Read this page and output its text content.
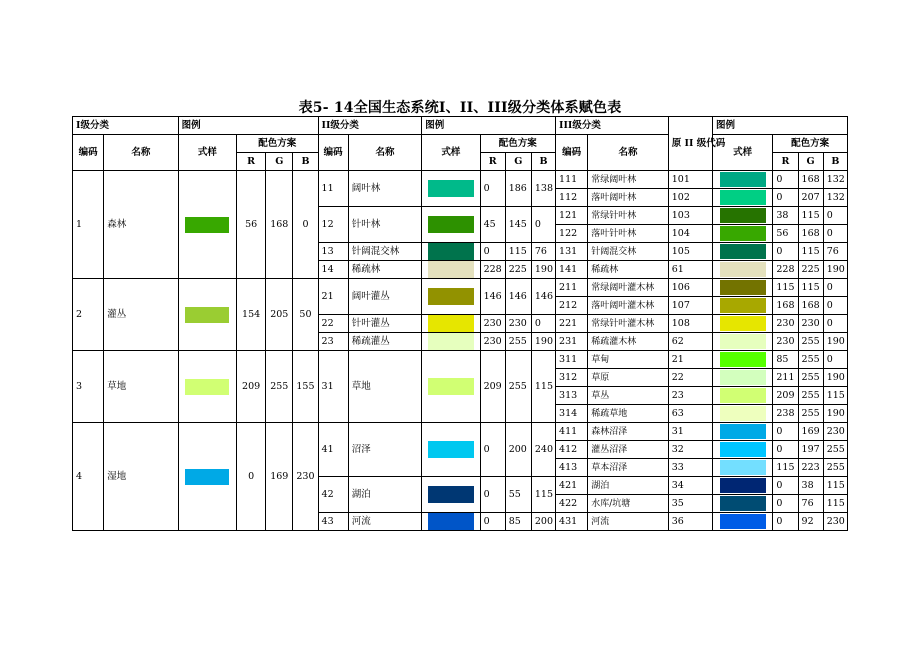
表5- 14全国生态系统Ⅰ、II、III级分类体系赋色表
I级分类		图例				II级分类		图例				III级分类		原 II 级代码	图例			
编码	名称	式样	配色方案			编码	名称	式样	配色方案			编码	名称		式样	配色方案		
			R	G	B				R	G	B					R	G	B
1	森林		56	168	0	11	阔叶林		0	186	138	111	常绿阔叶林	101		0	168	132
												112	落叶阔叶林	102		0	207	132
						12	针叶林		45	145	0	121	常绿针叶林	103		38	115	0
												122	落叶针叶林	104		56	168	0
						13	针阔混交林		0	115	76	131	针阔混交林	105		0	115	76
						14	稀疏林		228	225	190	141	稀疏林	61		228	225	190
2	灌丛		154	205	50	21	阔叶灌丛		146	146	146	211	常绿阔叶灌木林	106		115	115	0
												212	落叶阔叶灌木林	107		168	168	0
						22	针叶灌丛		230	230	0	221	常绿针叶灌木林	108		230	230	0
						23	稀疏灌丛		230	255	190	231	稀疏灌木林	62		230	255	190
3	草地		209	255	155	31	草地		209	255	115	311	草甸	21		85	255	0
												312	草原	22		211	255	190
												313	草丛	23		209	255	115
												314	稀疏草地	63		238	255	190
4	湿地		0	169	230	41	沼泽		0	200	240	411	森林沼泽	31		0	169	230
												412	灌丛沼泽	32		0	197	255
												413	草本沼泽	33		115	223	255
						42	湖泊		0	55	115	421	湖泊	34		0	38	115
												422	水库/坑塘	35		0	76	115
						43	河流		0	85	200	431	河流	36		0	92	230
